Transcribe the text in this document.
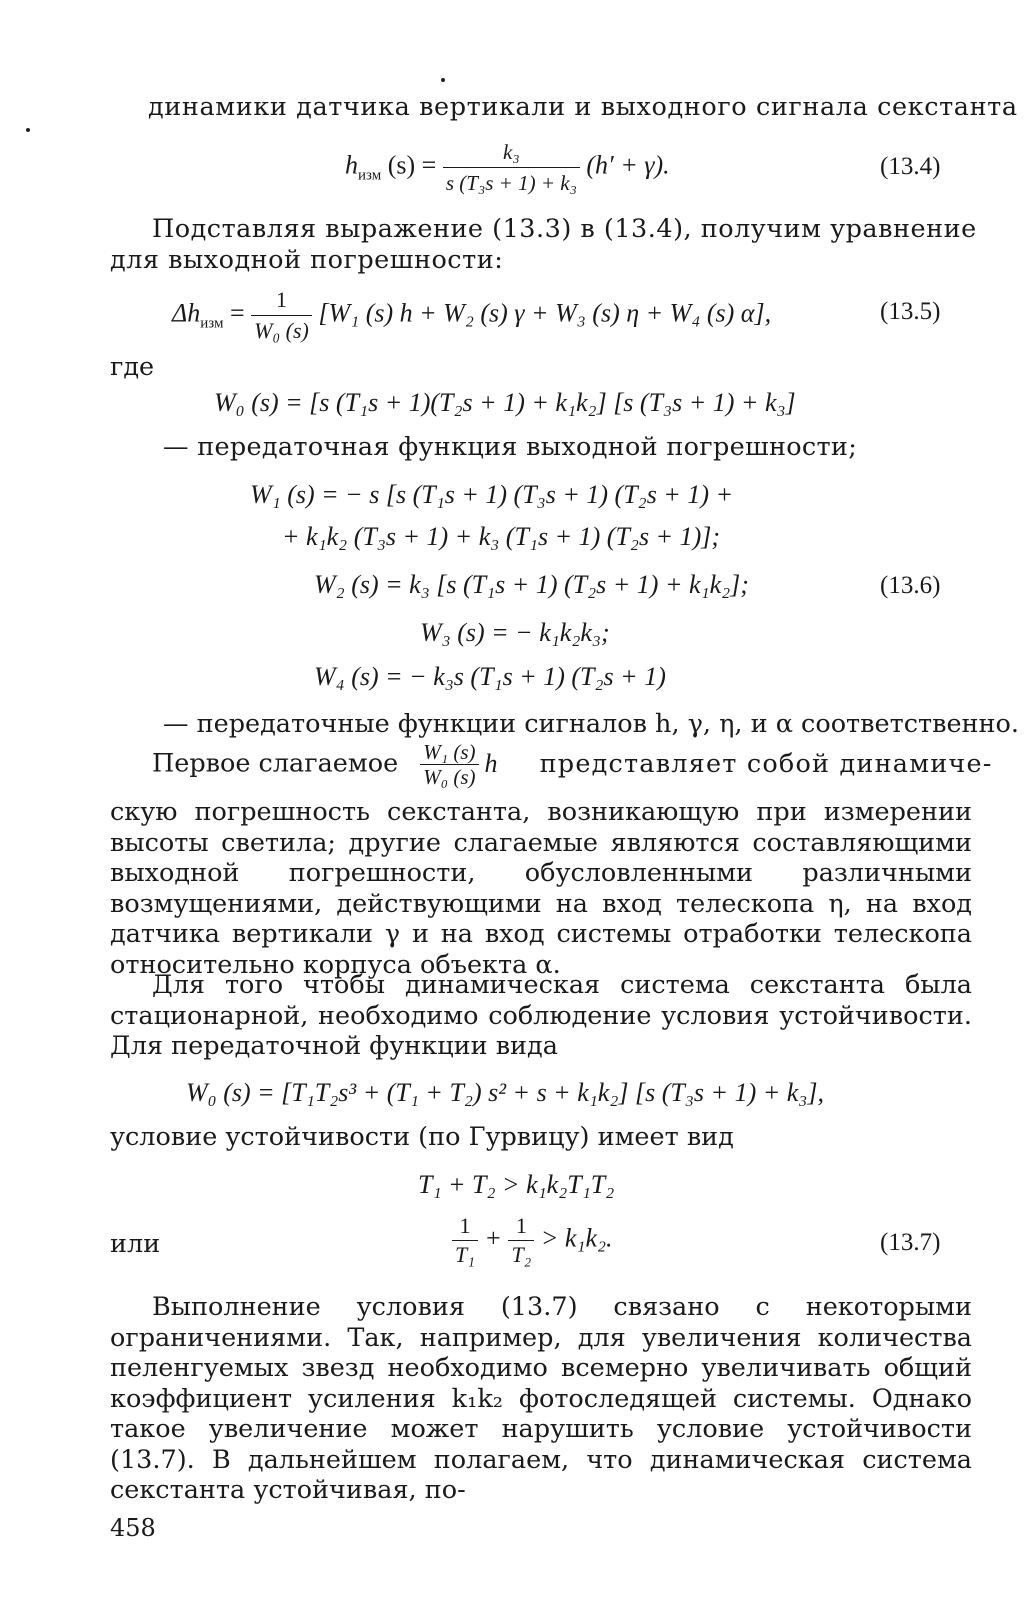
динамики датчика вертикали и выходного сигнала секстанта
$h_{изм}$ $(s) = \frac{\text{k₃}}{\text{s (T₃s + 1) + k₃}} (h' + \gamma)$.	(13.4)
Подставляя выражение (13.3) в (13.4), получим уравнение
для выходной погрешности:
$\Delta h_{изм} = \frac{1}{\text{W₀ (s)}} [W_1$ (s) h + W₂ (s) γ + W₃ (s) η + W₄ (s) α],	(13.5)
где
W₀ (s) = [s (T₁s + 1)(T₂s + 1) + k₁k₂] [s (T₃s + 1) + k₃]
— передаточная функция выходной погрешности;
W₁ (s) = − s [s (T₁s + 1) (T₃s + 1) (T₂s + 1) +
+ k₁k₂ (T₃s + 1) + k₃ (T₁s + 1) (T₂s + 1)];
W₂ (s) = k₃ [s (T₁s + 1) (T₂s + 1) + k₁k₂];	(13.6)
W₃ (s) = − k₁k₂k₃;
W₄ (s) = − k₃s (T₁s + 1) (T₂s + 1)
— передаточные функции сигналов h, γ, η, и α соответственно.
Первое слагаемое $\frac{\text{W₁ (s)}}{\text{W₀ (s)}}$ h представляет собой динамиче-

скую погрешность секстанта, возникающую при измерении высоты светила; другие слагаемые являются составляющими выходной погрешности, обусловленными различными возмущениями, действующими на вход телескопа η, на вход датчика вертикали γ и на вход системы отработки телескопа относительно корпуса объекта α.

Для того чтобы динамическая система секстанта была стационарной, необходимо соблюдение условия устойчивости. Для передаточной функции вида

W₀ (s) = [T₁T₂s³ + (T₁ + T₂) s² + s + k₁k₂] [s (T₃s + 1) + k₃],
условие устойчивости (по Гурвицу) имеет вид
T₁ + T₂ > k₁k₂T₁T₂
или	$\frac{1}{\text{T₁}} + \frac{1}{\text{T₂}} > k_1k_2$.	(13.7)

Выполнение условия (13.7) связано с некоторыми ограничениями. Так, например, для увеличения количества пеленгуемых звезд необходимо всемерно увеличивать общий коэффициент усиления k₁k₂ фотоследящей системы. Однако такое увеличение может нарушить условие устойчивости (13.7). В дальнейшем полагаем, что динамическая система секстанта устойчивая, по-

458
